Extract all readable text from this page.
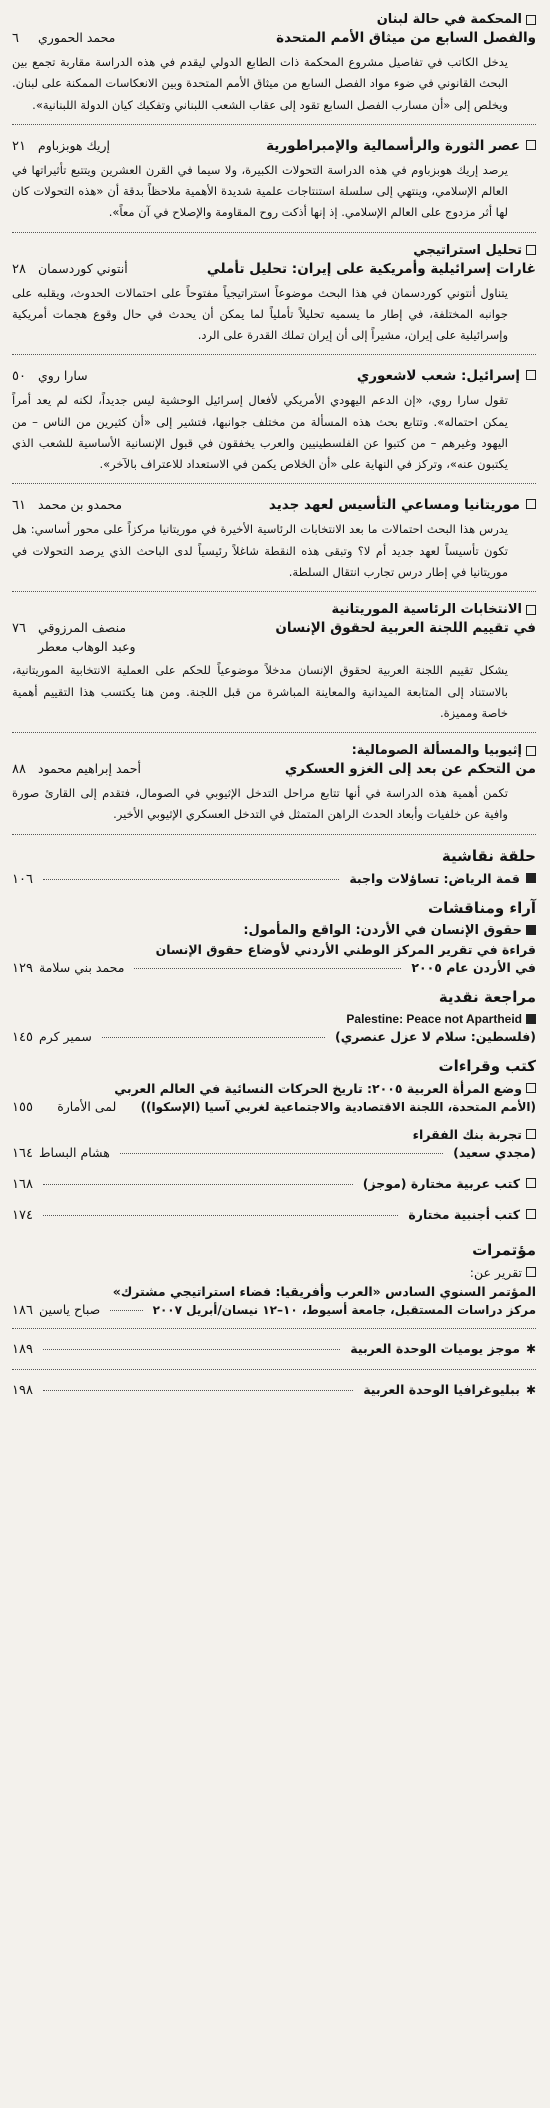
المحكمة في حالة لبنان
والفصل السابع من ميثاق الأمم المتحدة
محمد الحموري
٦
يدخل الكاتب في تفاصيل مشروع المحكمة ذات الطابع الدولي ليقدم في هذه الدراسة مقاربة تجمع بين البحث القانوني في ضوء مواد الفصل السابع من ميثاق الأمم المتحدة وبين الانعكاسات الممكنة على لبنان. ويخلص إلى «أن مسارب الفصل السابع تقود إلى عقاب الشعب اللبناني وتفكيك كيان الدولة اللبنانية».
عصر الثورة والرأسمالية والإمبراطورية
إريك هوبزباوم
٢١
يرصد إريك هوبزباوم في هذه الدراسة التحولات الكبيرة، ولا سيما في القرن العشرين ويتتبع تأثيراتها في العالم الإسلامي، وينتهي إلى سلسلة استنتاجات علمية شديدة الأهمية ملاحظاً بدقة أن «هذه التحولات كان لها أثر مزدوج على العالم الإسلامي. إذ إنها أذكت روح المقاومة والإصلاح في آن معاً».
تحليل استراتيجي
غارات إسرائيلية وأمريكية على إيران: تحليل تأملي
أنتوني كوردسمان
٢٨
يتناول أنتوني كوردسمان في هذا البحث موضوعاً استراتيجياً مفتوحاً على احتمالات الحدوث، ويقلبه على جوانبه المختلفة، في إطار ما يسميه تحليلاً تأملياً لما يمكن أن يحدث في حال وقوع هجمات أمريكية وإسرائيلية على إيران، مشيراً إلى أن إيران تملك القدرة على الرد.
إسرائيل: شعب لاشعوري
سارا روي
٥٠
تقول سارا روي، «إن الدعم اليهودي الأمريكي لأفعال إسرائيل الوحشية ليس جديداً، لكنه لم يعد أمراً يمكن احتماله». وتتابع بحث هذه المسألة من مختلف جوانبها، فتشير إلى «أن كثيرين من الناس – من اليهود وغيرهم – من كتبوا عن الفلسطينيين والعرب يخفقون في قبول الإنسانية الأساسية للشعب الذي يكتبون عنه»، وتركز في النهاية على «أن الخلاص يكمن في الاستعداد للاعتراف بالآخر».
موريتانيا ومساعي التأسيس لعهد جديد
محمدو بن محمد
٦١
يدرس هذا البحث احتمالات ما بعد الانتخابات الرئاسية الأخيرة في موريتانيا مركزاً على محور أساسي: هل تكون تأسيساً لعهد جديد أم لا؟ وتبقى هذه النقطة شاغلاً رئيسياً لدى الباحث الذي يرصد التحولات في موريتانيا في إطار درس تجارب انتقال السلطة.
الانتخابات الرئاسية الموريتانية
في تقييم اللجنة العربية لحقوق الإنسان
منصف المرزوقي
٧٦
وعبد الوهاب معطر
يشكل تقييم اللجنة العربية لحقوق الإنسان مدخلاً موضوعياً للحكم على العملية الانتخابية الموريتانية، بالاستناد إلى المتابعة الميدانية والمعاينة المباشرة من قبل اللجنة. ومن هنا يكتسب هذا التقييم أهمية خاصة ومميزة.
إثيوبيا والمسألة الصومالية:
من التحكم عن بعد إلى الغزو العسكري
أحمد إبراهيم محمود
٨٨
تكمن أهمية هذه الدراسة في أنها تتابع مراحل التدخل الإثيوبي في الصومال، فتقدم إلى القارئ صورة وافية عن خلفيات وأبعاد الحدث الراهن المتمثل في التدخل العسكري الإثيوبي الأخير.
حلقة نقاشية
قمة الرياض: تساؤلات واجبة
١٠٦
آراء ومناقشات
حقوق الإنسان في الأردن: الواقع والمأمول:
قراءة في تقرير المركز الوطني الأردني لأوضاع حقوق الإنسان
في الأردن عام ٢٠٠٥
محمد بني سلامة
١٢٩
مراجعة نقدية
Palestine: Peace not Apartheid
(فلسطين: سلام لا عزل عنصري)
سمير كرم
١٤٥
كتب وقراءات
وضع المرأة العربية ٢٠٠٥: تاريخ الحركات النسائية في العالم العربي
(الأمم المتحدة، اللجنة الاقتصادية والاجتماعية لغربي آسيا (الإسكوا))
لمى الأمارة
١٥٥
تجربة بنك الفقراء
(مجدي سعيد)
هشام البساط
١٦٤
كتب عربية مختارة (موجز)
١٦٨
كتب أجنبية مختارة
١٧٤
مؤتمرات
تقرير عن:
المؤتمر السنوي السادس «العرب وأفريقيا: فضاء استراتيجي مشترك»
مركز دراسات المستقبل، جامعة أسيوط، ١٠–١٢ نيسان/أبريل ٢٠٠٧
صباح ياسين
١٨٦
✱
موجز يوميات الوحدة العربية
١٨٩
✱
ببليوغرافيا الوحدة العربية
١٩٨
